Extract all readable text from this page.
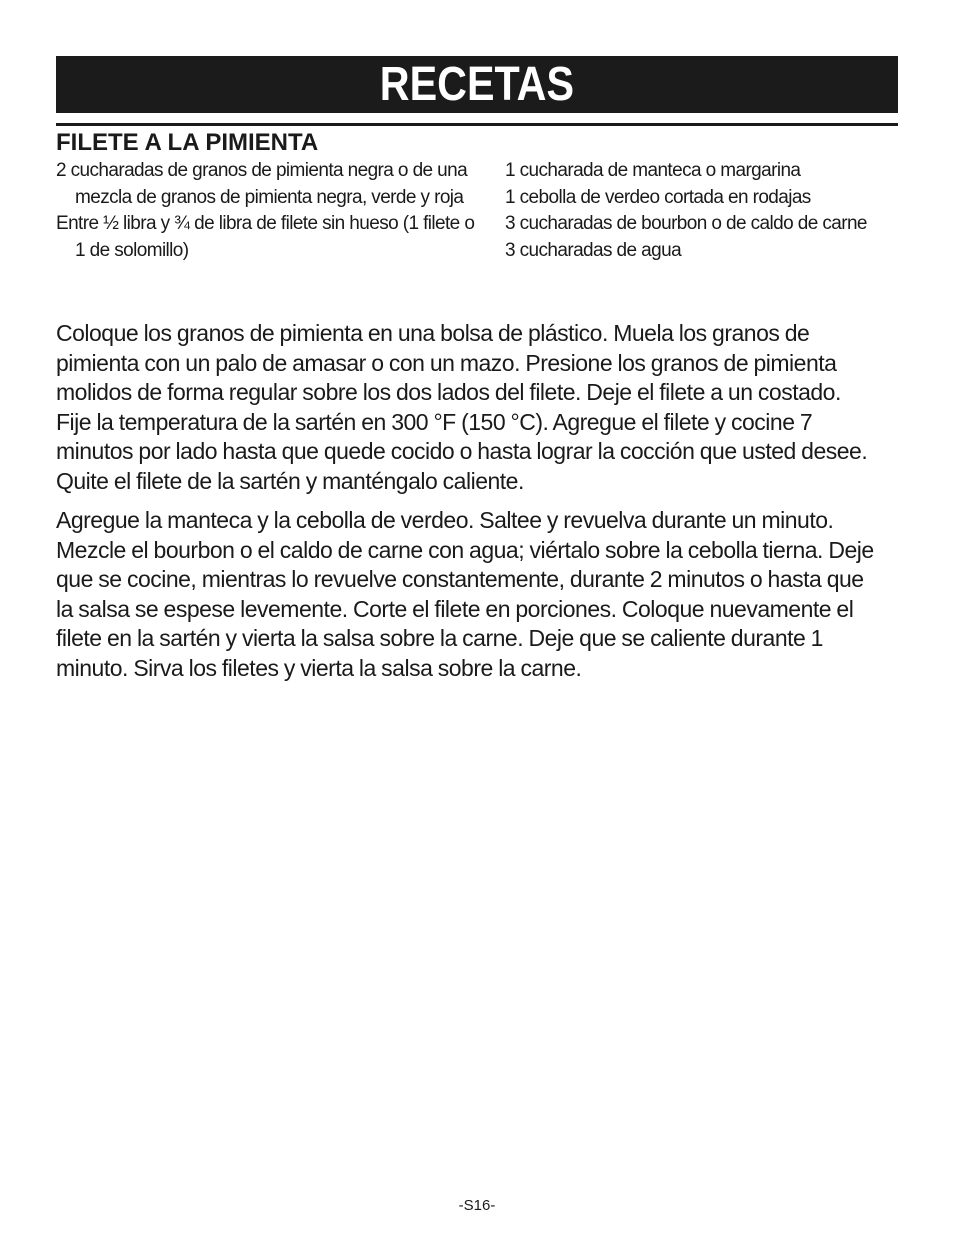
RECETAS
FILETE A LA PIMIENTA
2 cucharadas de granos de pimienta negra o de una mezcla de granos de pimienta negra, verde y roja
Entre ½ libra y ¾ de libra de filete sin hueso (1 filete o 1 de solomillo)
1 cucharada de manteca o margarina
1 cebolla de verdeo cortada en rodajas
3 cucharadas de bourbon o de caldo de carne
3 cucharadas de agua

Coloque los granos de pimienta en una bolsa de plástico. Muela los granos de pimienta con un palo de amasar o con un mazo. Presione los granos de pimienta molidos de forma regular sobre los dos lados del filete. Deje el filete a un costado. Fije la temperatura de la sartén en 300 °F (150 °C). Agregue el filete y cocine 7 minutos por lado hasta que quede cocido o hasta lograr la cocción que usted desee. Quite el filete de la sartén y manténgalo caliente.

Agregue la manteca y la cebolla de verdeo. Saltee y revuelva durante un minuto. Mezcle el bourbon o el caldo de carne con agua; viértalo sobre la cebolla tierna. Deje que se cocine, mientras lo revuelve constantemente, durante 2 minutos o hasta que la salsa se espese levemente. Corte el filete en porciones. Coloque nuevamente el filete en la sartén y vierta la salsa sobre la carne. Deje que se caliente durante 1 minuto. Sirva los filetes y vierta la salsa sobre la carne.

-S16-
